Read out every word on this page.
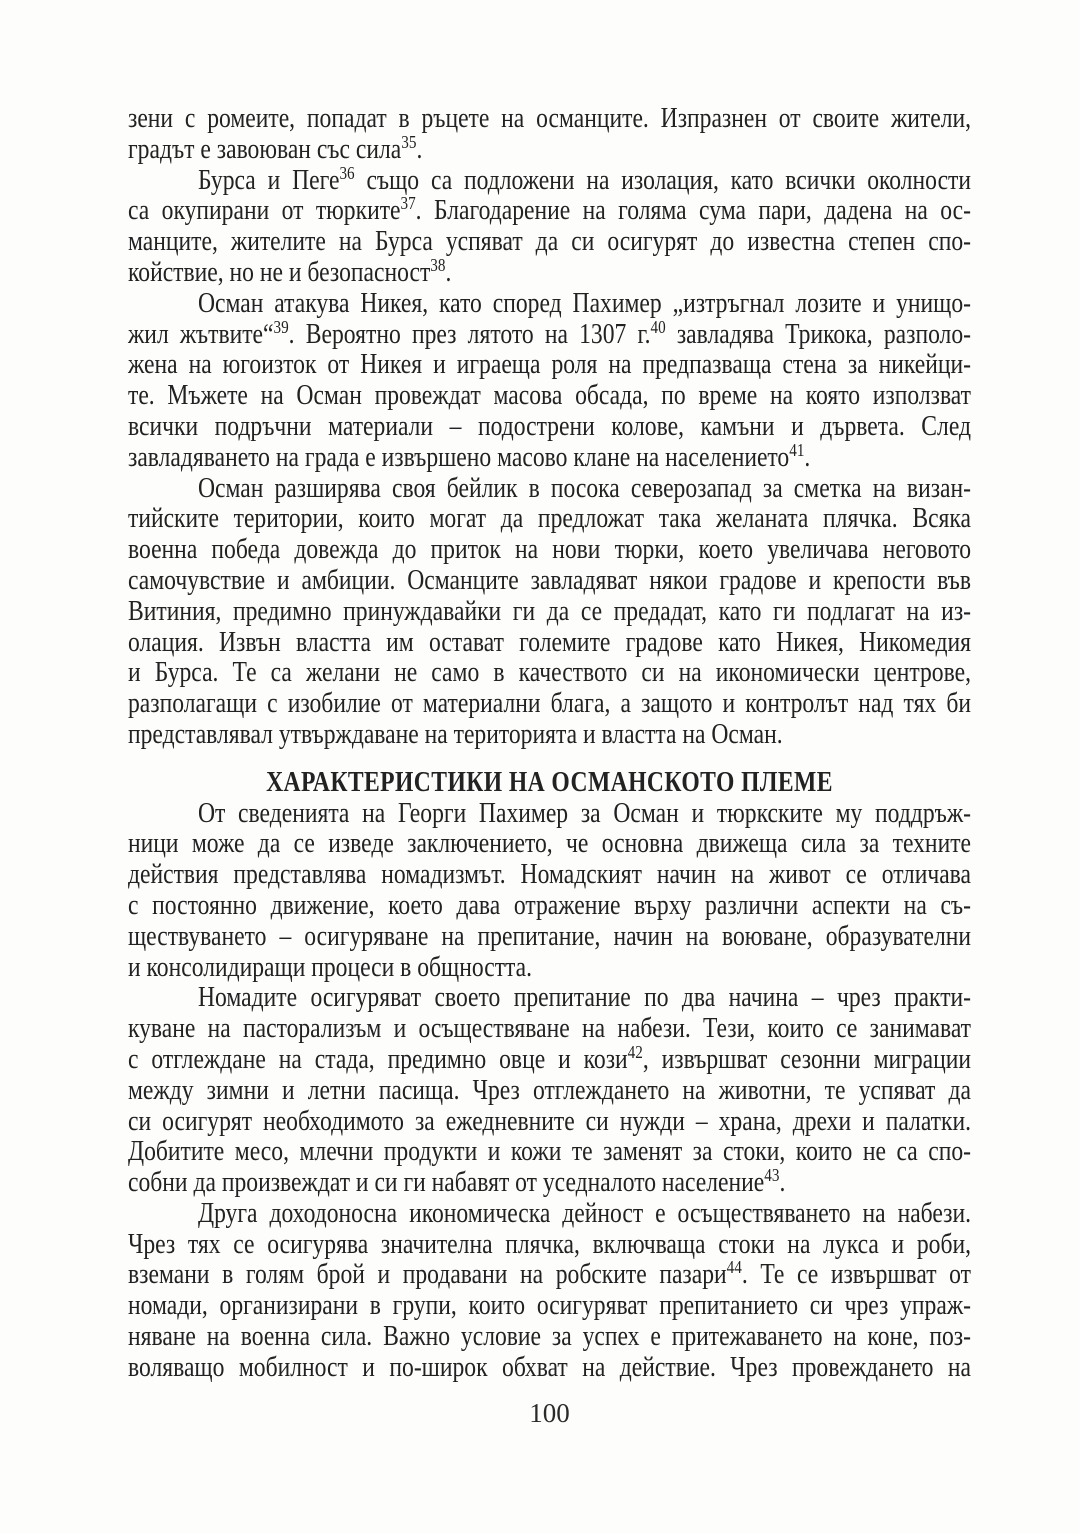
зени с ромеите, попадат в ръцете на османците. Изпразнен от своите жители,
градът е завоюван със сила$^{35}$.
Бурса и Пеге$^{36}$ също са подложени на изолация, като всички околности
са окупирани от тюрките$^{37}$. Благодарение на голяма сума пари, дадена на ос-
манците, жителите на Бурса успяват да си осигурят до известна степен спо-
койствие, но не и безопасност$^{38}$.
Осман атакува Никея, като според Пахимер „изтръгнал лозите и унищо-
жил жътвите“$^{39}$. Вероятно през лятото на 1307 г.$^{40}$ завладява Трикока, разполо-
жена на югоизток от Никея и играеща роля на предпазваща стена за никейци-
те. Мъжете на Осман провеждат масова обсада, по време на която използват
всички подръчни материали – подострени колове, камъни и дървета. След
завладяването на града е извършено масово клане на населението$^{41}$.
Осман разширява своя бейлик в посока северозапад за сметка на визан-
тийските територии, които могат да предложат така желаната плячка. Всяка
военна победа довежда до приток на нови тюрки, което увеличава неговото
самочувствие и амбиции. Османците завладяват някои градове и крепости във
Витиния, предимно принуждавайки ги да се предадат, като ги подлагат на из-
олация. Извън властта им остават големите градове като Никея, Никомедия
и Бурса. Те са желани не само в качеството си на икономически центрове,
разполагащи с изобилие от материални блага, а защото и контролът над тях би
представлявал утвърждаване на територията и властта на Осман.
ХАРАКТЕРИСТИКИ НА ОСМАНСКОТО ПЛЕМЕ
От сведенията на Георги Пахимер за Осман и тюркските му поддръж-
ници може да се изведе заключението, че основна движеща сила за техните
действия представлява номадизмът. Номадският начин на живот се отличава
с постоянно движение, което дава отражение върху различни аспекти на съ-
ществуването – осигуряване на препитание, начин на воюване, образувателни
и консолидиращи процеси в общността.
Номадите осигуряват своето препитание по два начина – чрез практи-
куване на пасторализъм и осъществяване на набези. Тези, които се занимават
с отглеждане на стада, предимно овце и кози$^{42}$, извършват сезонни миграции
между зимни и летни пасища. Чрез отглеждането на животни, те успяват да
си осигурят необходимото за ежедневните си нужди – храна, дрехи и палатки.
Добитите месо, млечни продукти и кожи те заменят за стоки, които не са спо-
собни да произвеждат и си ги набавят от уседналото население$^{43}$.
Друга доходоносна икономическа дейност е осъществяването на набези.
Чрез тях се осигурява значителна плячка, включваща стоки на лукса и роби,
вземани в голям брой и продавани на робските пазари$^{44}$. Те се извършват от
номади, организирани в групи, които осигуряват препитанието си чрез упраж-
няване на военна сила. Важно условие за успех е притежаването на коне, поз-
воляващо мобилност и по-широк обхват на действие. Чрез провеждането на
100
